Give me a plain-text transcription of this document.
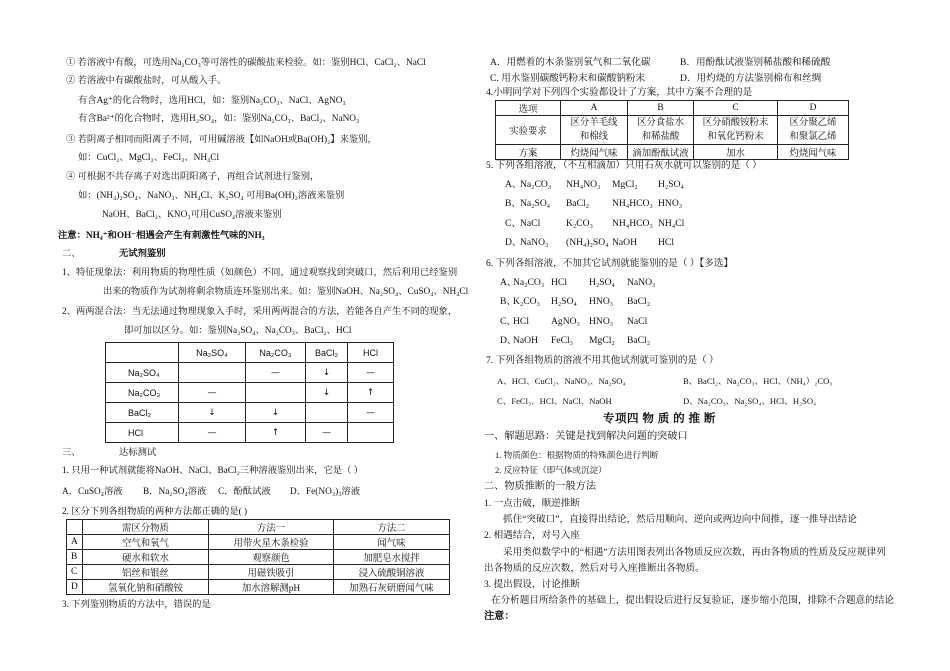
① 若溶液中有酸，可选用Na₂CO₃等可溶性的碳酸盐来检验。如：鉴别HCl、CaCl₂、NaCl
② 若溶液中有碳酸盐时，可从酸入手。
有含Ag⁺的化合物时，选用HCl，如：鉴别Na₂CO₃、NaCl、AgNO₃
有含Ba²⁺的化合物时，选用H₂SO₄，如：鉴别Na₂CO₃、BaCl₂、NaNO₃
③ 若阴离子相同而阳离子不同，可用碱溶液【如NaOH或Ba(OH)₂】来鉴别，
如：CuCl₂、MgCl₂、FeCl₃、NH₄Cl
④ 可根据不共存离子对选出阴阳离子，再组合试剂进行鉴别，
如：(NH₄)₂SO₄、NaNO₃、NH₄Cl、K₂SO₄ 可用Ba(OH)₂溶液来鉴别
NaOH、BaCl₂、KNO₃可用CuSO₄溶液来鉴别
注意：NH₄⁺和OH⁻相遇会产生有刺激性气味的NH₃
二、	无试剂鉴别
1、特征现象法：利用物质的物理性质（如颜色）不同，通过观察找到突破口，然后利用已经鉴别
出来的物质作为试剂将剩余物质连环鉴别出来。如：鉴别NaOH、Na₂SO₄、CuSO₄、NH₄Cl
2、两两混合法：当无法通过物理现象入手时，采用两两混合的方法，若能各自产生不同的现象，
即可加以区分。如：鉴别Na₂SO₄、Na₂CO₃、BaCl₂、HCl
	Na₂SO₄	Na₂CO₃	BaCl₂	HCl
Na₂SO₄		—	↓	—
Na₂CO₃	—		↓	↑
BaCl₂	↓	↓		—
HCl	—	↑	—	
三、	达标测试
1. 只用一种试剂就能将NaOH、NaCl、BaCl₂三种溶液鉴别出来，它是（ ）
A．CuSO₄溶液 B．Na₂SO₄溶液 C．酚酞试液 D．Fe(NO₃)₃溶液
2. 区分下列各组物质的两种方法都正确的是( )
	需区分物质	方法一	方法二
A	空气和氧气	用带火星木条检验	闻气味
B	硬水和软水	观察颜色	加肥皂水搅拌
C	铝丝和银丝	用磁铁吸引	浸入硫酸铜溶液
D	氢氧化钠和硝酸铵	加水溶解测pH	加熟石灰研磨闻气味
3. 下列鉴别物质的方法中，错误的是
A．用燃着的木条鉴别氧气和二氧化碳	B．用酚酞试液鉴别稀盐酸和稀硫酸
C. 用水鉴别碳酸钙粉末和碳酸钠粉末	D．用灼烧的方法鉴别棉布和丝绸
4.小明同学对下列四个实验都设计了方案，其中方案不合理的是
选项	A	B	C	D
实验要求	区分羊毛线和棉线	区分食盐水和稀盐酸	区分硝酸铵粉末和氧化钙粉末	区分聚乙烯和聚氯乙烯
方案	灼烧闻气味	滴加酚酞试液	加水	灼烧闻气味
5. 下列各组溶液，（不互相滴加）只用石灰水就可以鉴别的是（ ）
A、Na₂CO₃ NH₄NO₃ MgCl₂ H₂SO₄
B、Na₂SO₄ BaCl₂ NH₄HCO₃ HNO₃
C、NaCl	K₂CO₃ NH₄HCO₃ NH₄Cl
D、NaNO₃ (NH₄)₂SO₄ NaOH HCl
6. 下列各组溶液，不加其它试剂就能鉴别的是（ ）【多选】
A、Na₂CO₃ HCl H₂SO₄ NaNO₃
B、K₂CO₃ H₂SO₄ HNO₃ BaCl₂
C、HCl AgNO₃ HNO₃ NaCl
D、NaOH FeCl₃ MgCl₂ BaCl₂
7. 下列各组物质的溶液不用其他试剂就可鉴别的是（ ）
A、HCl、CuCl₂、NaNO₃、Na₂SO₄	B、BaCl₂、Na₂CO₃、HCl、（NH₄）₂CO₃
C、FeCl₃、HCl、NaCl、NaOH	D、Na₂CO₃、Na₂SO₄、HCl、H₂SO₄
专项四 物 质 的 推 断
一、解题思路：关键是找到解决问题的突破口
1. 物质颜色：根据物质的特殊颜色进行判断
2. 反应特征（即气体或沉淀）
二、物质推断的一般方法
1. 一点击破，顺逆推断
抓住“突破口”，直接得出结论，然后用顺向、逆向或两边向中间推，逐一推导出结论
2. 相遇结合，对号入座
采用类似数学中的“相遇”方法用图表列出各物质反应次数，再由各物质的性质及反应规律列
出各物质的反应次数，然后对号入座推断出各物质。
3. 提出假设，讨论推断
在分析题目所给条件的基础上，提出假设后进行反复验证，逐步缩小范围，排除不合题意的结论
注意：
